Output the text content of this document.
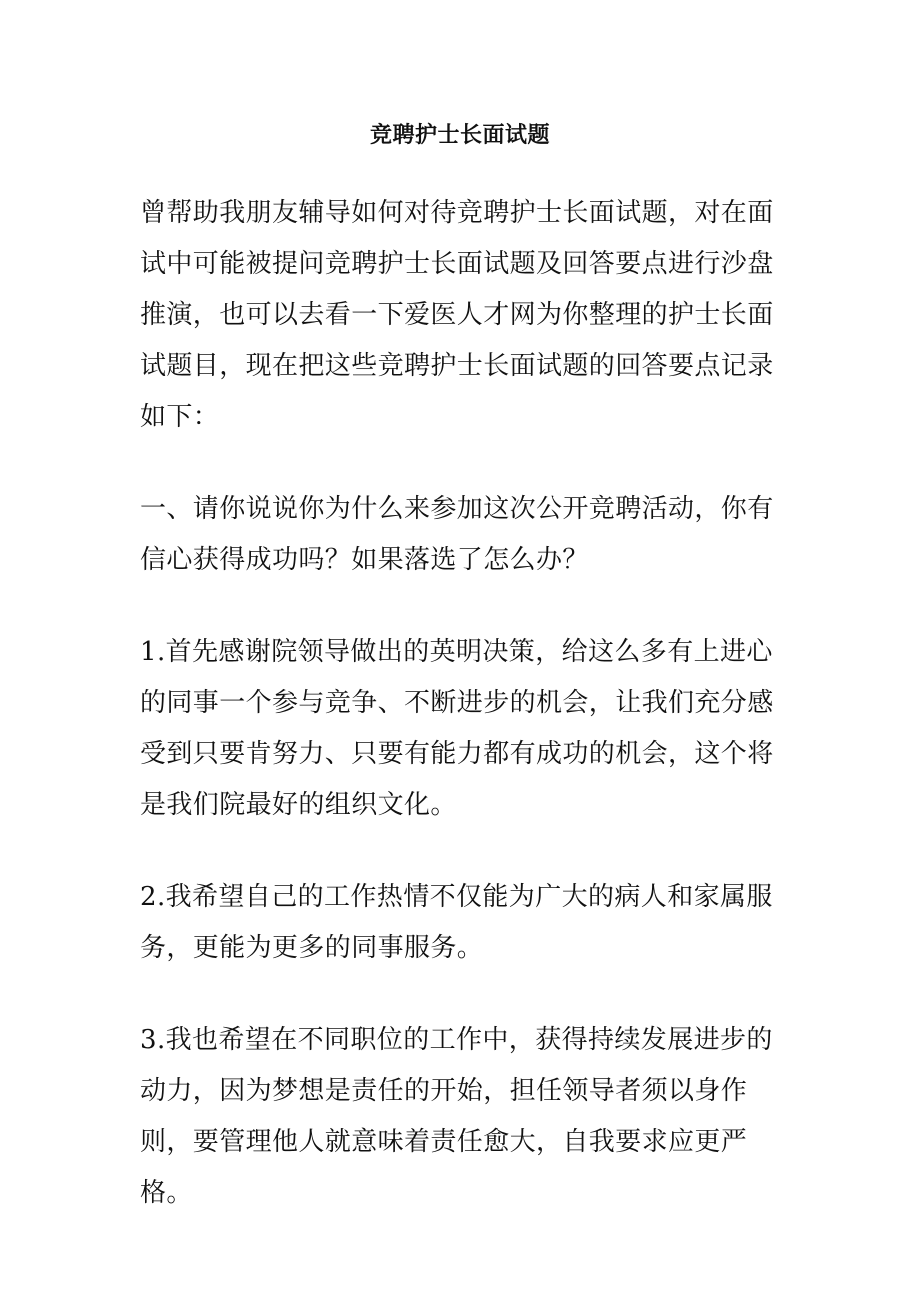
竞聘护士长面试题
曾帮助我朋友辅导如何对待竞聘护士长面试题，对在面试中可能被提问竞聘护士长面试题及回答要点进行沙盘推演，也可以去看一下爱医人才网为你整理的护士长面试题目，现在把这些竞聘护士长面试题的回答要点记录如下：
一、请你说说你为什么来参加这次公开竞聘活动，你有信心获得成功吗？如果落选了怎么办？
1.首先感谢院领导做出的英明决策，给这么多有上进心的同事一个参与竞争、不断进步的机会，让我们充分感受到只要肯努力、只要有能力都有成功的机会，这个将是我们院最好的组织文化。
2.我希望自己的工作热情不仅能为广大的病人和家属服务，更能为更多的同事服务。
3.我也希望在不同职位的工作中，获得持续发展进步的动力，因为梦想是责任的开始，担任领导者须以身作则，要管理他人就意味着责任愈大，自我要求应更严格。
